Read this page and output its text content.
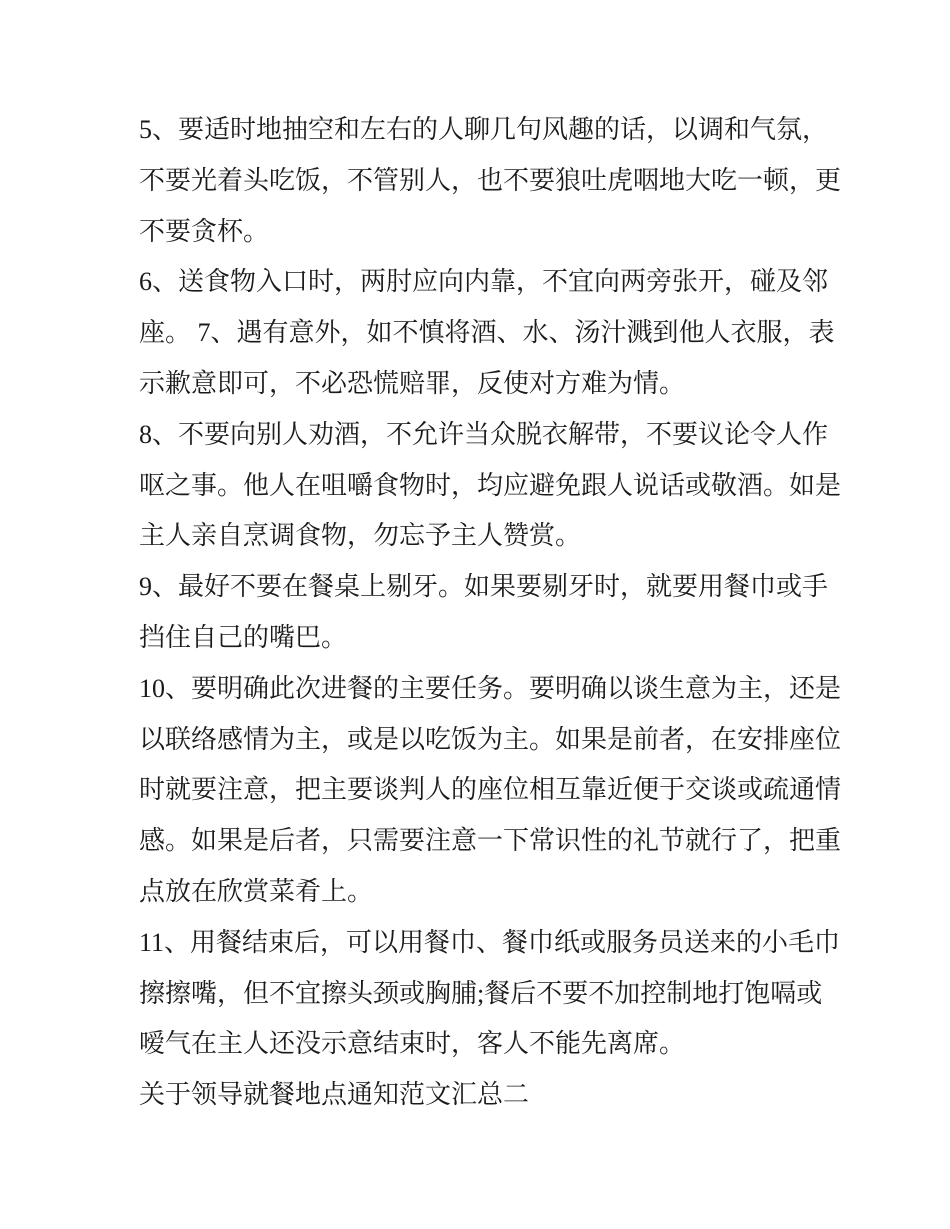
5、要适时地抽空和左右的人聊几句风趣的话，以调和气氛，
不要光着头吃饭，不管别人，也不要狼吐虎咽地大吃一顿，更
不要贪杯。
6、送食物入口时，两肘应向内靠，不宜向两旁张开，碰及邻
座。 7、遇有意外，如不慎将酒、水、汤汁溅到他人衣服，表
示歉意即可，不必恐慌赔罪，反使对方难为情。
8、不要向别人劝酒，不允许当众脱衣解带，不要议论令人作
呕之事。他人在咀嚼食物时，均应避免跟人说话或敬酒。如是
主人亲自烹调食物，勿忘予主人赞赏。
9、最好不要在餐桌上剔牙。如果要剔牙时，就要用餐巾或手
挡住自己的嘴巴。
10、要明确此次进餐的主要任务。要明确以谈生意为主，还是
以联络感情为主，或是以吃饭为主。如果是前者，在安排座位
时就要注意，把主要谈判人的座位相互靠近便于交谈或疏通情
感。如果是后者，只需要注意一下常识性的礼节就行了，把重
点放在欣赏菜肴上。
11、用餐结束后，可以用餐巾、餐巾纸或服务员送来的小毛巾
擦擦嘴，但不宜擦头颈或胸脯;餐后不要不加控制地打饱嗝或
嗳气在主人还没示意结束时，客人不能先离席。
关于领导就餐地点通知范文汇总二
